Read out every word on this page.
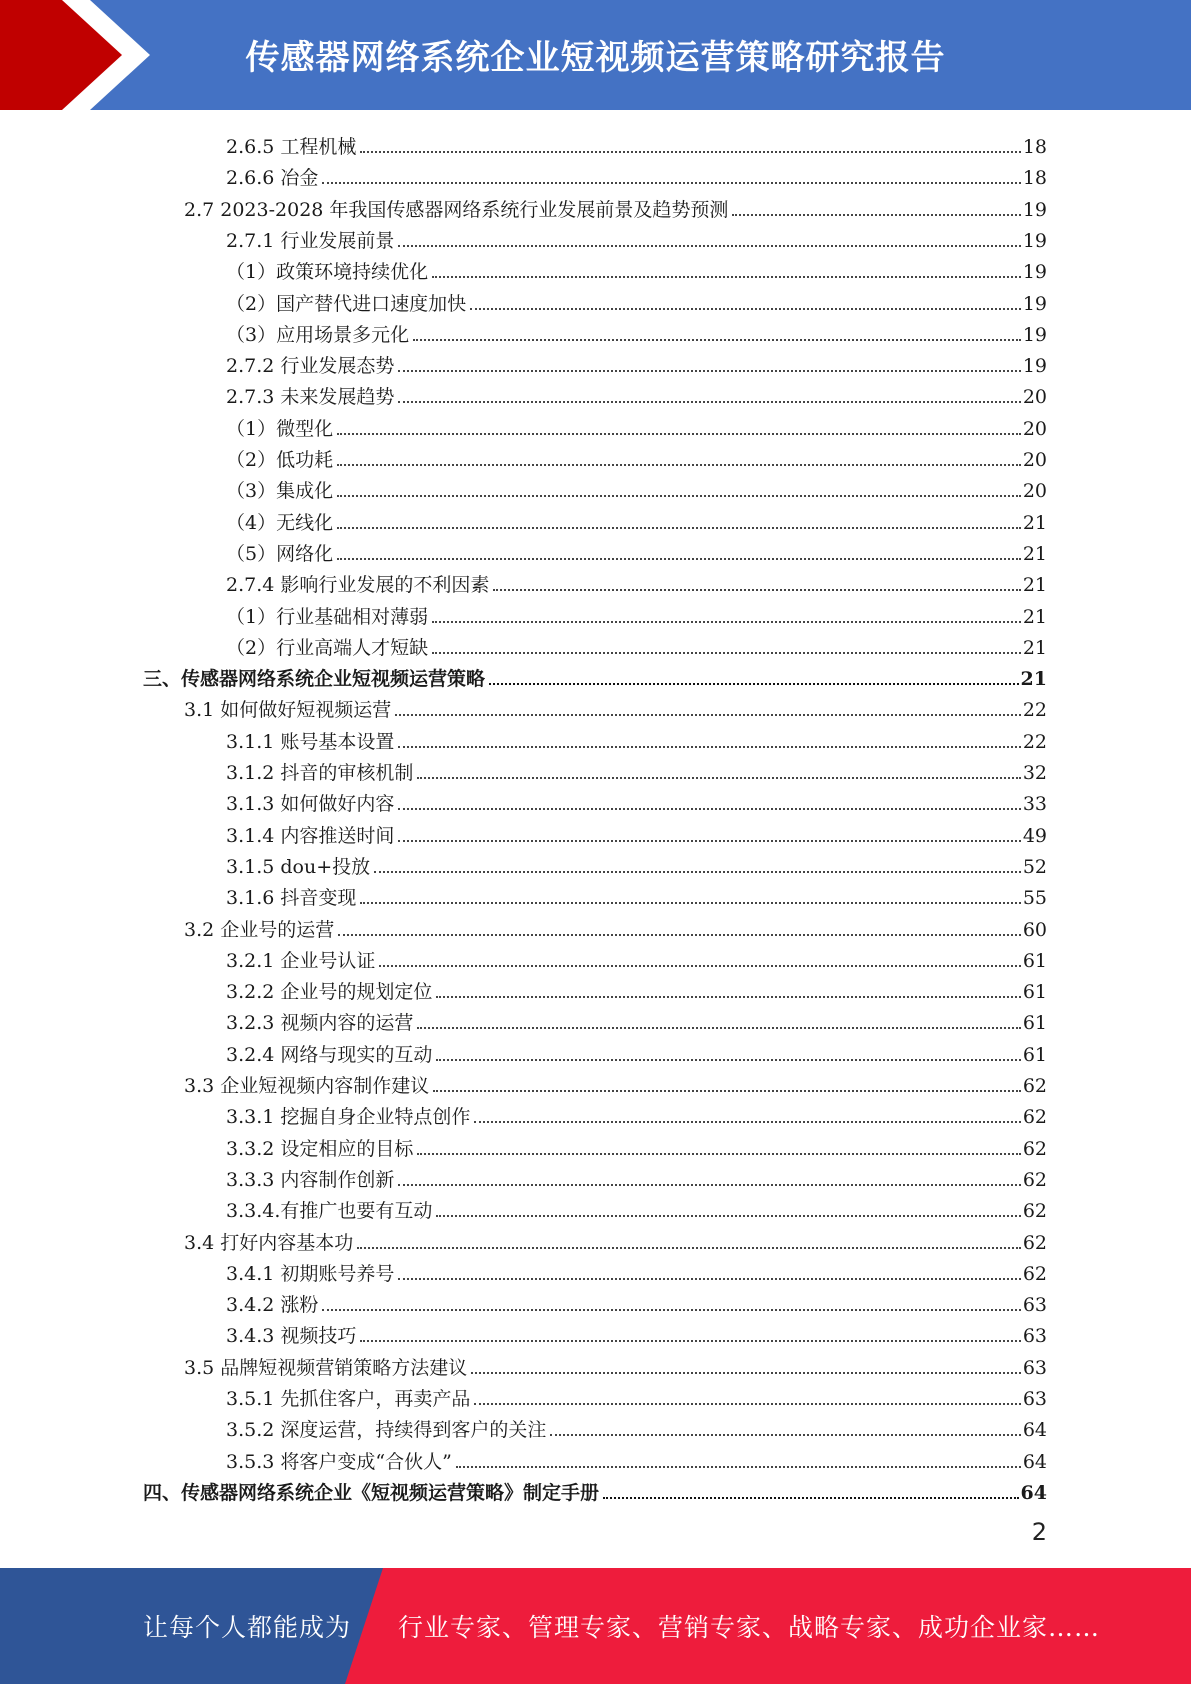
传感器网络系统企业短视频运营策略研究报告
2.6.5 工程机械	18
2.6.6 冶金	18
2.7 2023-2028 年我国传感器网络系统行业发展前景及趋势预测	19
2.7.1 行业发展前景	19
（1）政策环境持续优化	19
（2）国产替代进口速度加快	19
（3）应用场景多元化	19
2.7.2 行业发展态势	19
2.7.3 未来发展趋势	20
（1）微型化	20
（2）低功耗	20
（3）集成化	20
（4）无线化	21
（5）网络化	21
2.7.4 影响行业发展的不利因素	21
（1）行业基础相对薄弱	21
（2）行业高端人才短缺	21
三、传感器网络系统企业短视频运营策略	21
3.1 如何做好短视频运营	22
3.1.1 账号基本设置	22
3.1.2 抖音的审核机制	32
3.1.3 如何做好内容	33
3.1.4 内容推送时间	49
3.1.5 dou+投放	52
3.1.6 抖音变现	55
3.2 企业号的运营	60
3.2.1 企业号认证	61
3.2.2 企业号的规划定位	61
3.2.3 视频内容的运营	61
3.2.4 网络与现实的互动	61
3.3 企业短视频内容制作建议	62
3.3.1 挖掘自身企业特点创作	62
3.3.2 设定相应的目标	62
3.3.3 内容制作创新	62
3.3.4.有推广也要有互动	62
3.4 打好内容基本功	62
3.4.1 初期账号养号	62
3.4.2 涨粉	63
3.4.3 视频技巧	63
3.5 品牌短视频营销策略方法建议	63
3.5.1 先抓住客户，再卖产品	63
3.5.2 深度运营，持续得到客户的关注	64
3.5.3 将客户变成“合伙人”	64
四、传感器网络系统企业《短视频运营策略》制定手册	64
2
让每个人都能成为 行业专家、管理专家、营销专家、战略专家、成功企业家……
